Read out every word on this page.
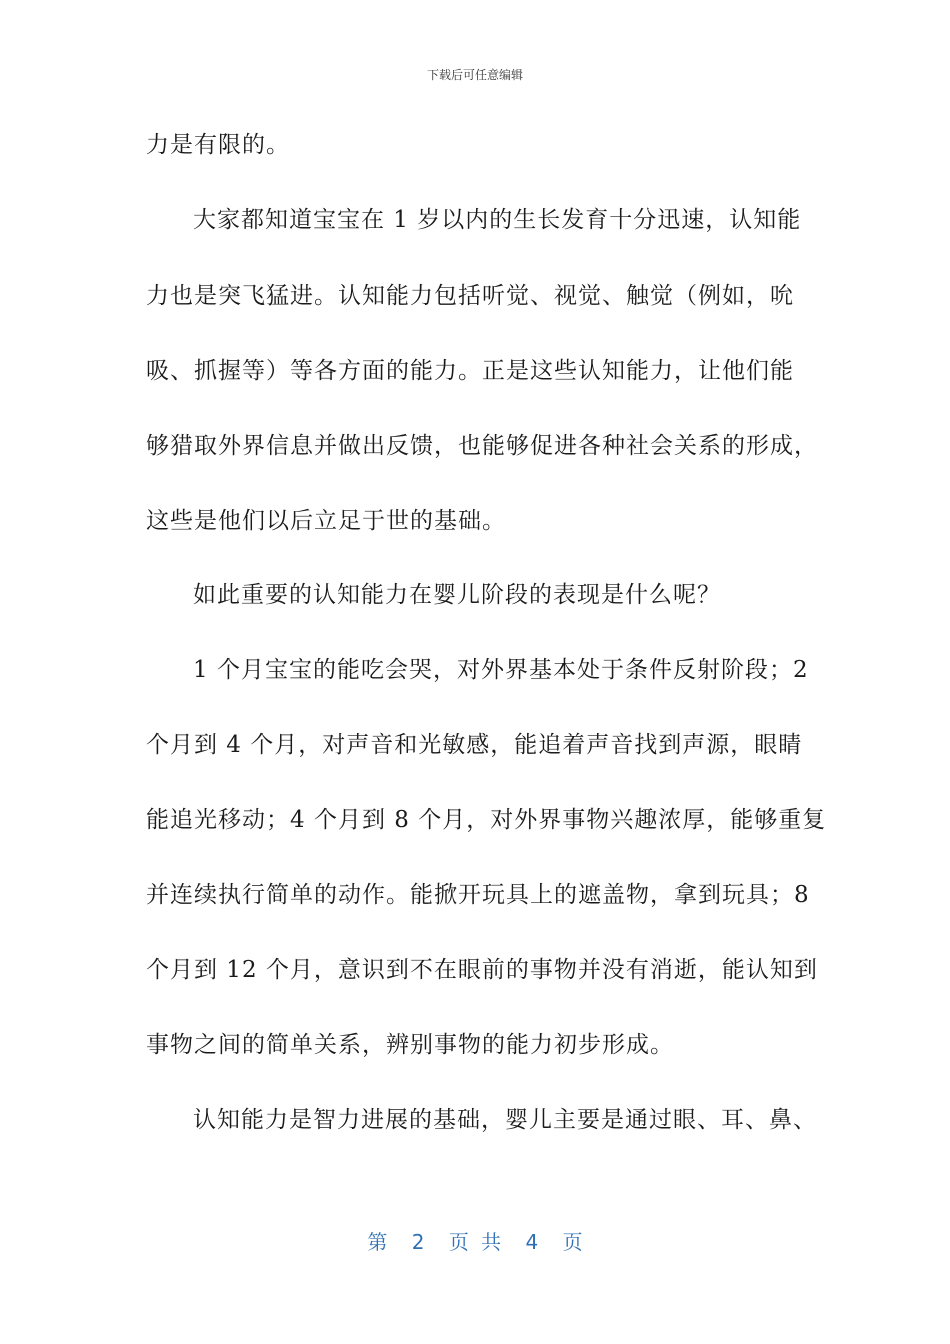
下载后可任意编辑
力是有限的。
大家都知道宝宝在 1 岁以内的生长发育十分迅速，认知能
力也是突飞猛进。认知能力包括听觉、视觉、触觉（例如，吮
吸、抓握等）等各方面的能力。正是这些认知能力，让他们能
够猎取外界信息并做出反馈，也能够促进各种社会关系的形成，
这些是他们以后立足于世的基础。
如此重要的认知能力在婴儿阶段的表现是什么呢？
1 个月宝宝的能吃会哭，对外界基本处于条件反射阶段；2
个月到 4 个月，对声音和光敏感，能追着声音找到声源，眼睛
能追光移动；4 个月到 8 个月，对外界事物兴趣浓厚，能够重复
并连续执行简单的动作。能掀开玩具上的遮盖物，拿到玩具；8
个月到 12 个月，意识到不在眼前的事物并没有消逝，能认知到
事物之间的简单关系，辨别事物的能力初步形成。
认知能力是智力进展的基础，婴儿主要是通过眼、耳、鼻、
第 2 页 共 4 页
